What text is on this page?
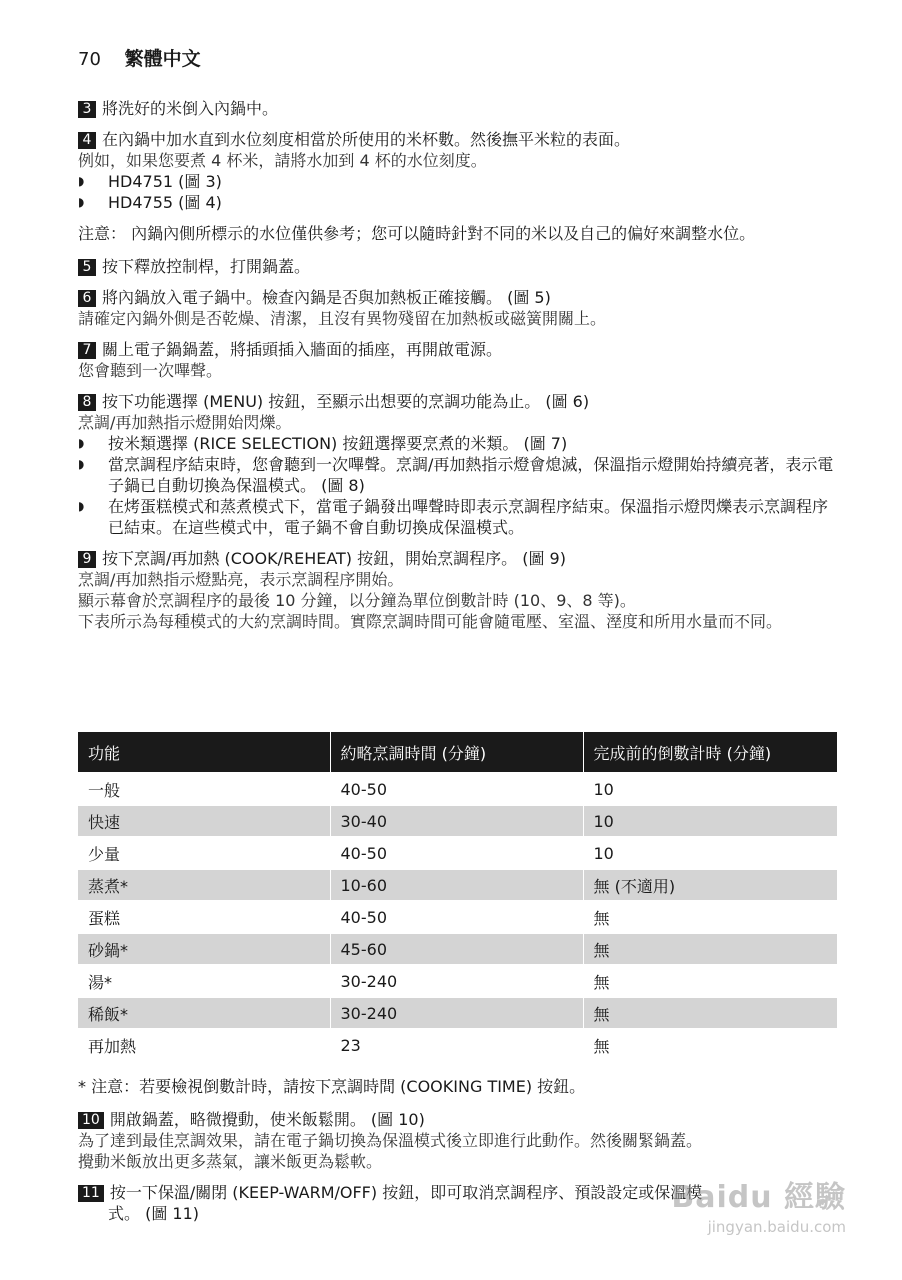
70 繁體中文
3 將洗好的米倒入內鍋中。
4 在內鍋中加水直到水位刻度相當於所使用的米杯數。然後撫平米粒的表面。
例如，如果您要煮 4 杯米，請將水加到 4 杯的水位刻度。
◗ HD4751 (圖 3)
◗ HD4755 (圖 4)
注意： 內鍋內側所標示的水位僅供參考；您可以隨時針對不同的米以及自己的偏好來調整水位。
5 按下釋放控制桿，打開鍋蓋。
6 將內鍋放入電子鍋中。檢查內鍋是否與加熱板正確接觸。 (圖 5)
請確定內鍋外側是否乾燥、清潔，且沒有異物殘留在加熱板或磁簧開關上。
7 關上電子鍋鍋蓋，將插頭插入牆面的插座，再開啟電源。
您會聽到一次嗶聲。
8 按下功能選擇 (MENU) 按鈕，至顯示出想要的烹調功能為止。 (圖 6)
烹調/再加熱指示燈開始閃爍。
◗ 按米類選擇 (RICE SELECTION) 按鈕選擇要烹煮的米類。 (圖 7)
◗ 當烹調程序結束時，您會聽到一次嗶聲。烹調/再加熱指示燈會熄滅，保溫指示燈開始持續亮著，表示電子鍋已自動切換為保溫模式。 (圖 8)
◗ 在烤蛋糕模式和蒸煮模式下，當電子鍋發出嗶聲時即表示烹調程序結束。保溫指示燈閃爍表示烹調程序已結束。在這些模式中，電子鍋不會自動切換成保溫模式。
9 按下烹調/再加熱 (COOK/REHEAT) 按鈕，開始烹調程序。 (圖 9)
烹調/再加熱指示燈點亮，表示烹調程序開始。
顯示幕會於烹調程序的最後 10 分鐘，以分鐘為單位倒數計時 (10、9、8 等)。
下表所示為每種模式的大約烹調時間。實際烹調時間可能會隨電壓、室溫、溼度和所用水量而不同。
功能	約略烹調時間 (分鐘)	完成前的倒數計時 (分鐘)
一般	40-50	10
快速	30-40	10
少量	40-50	10
蒸煮*	10-60	無 (不適用)
蛋糕	40-50	無
砂鍋*	45-60	無
湯*	30-240	無
稀飯*	30-240	無
再加熱	23	無
* 注意：若要檢視倒數計時，請按下烹調時間 (COOKING TIME) 按鈕。
10 開啟鍋蓋，略微攪動，使米飯鬆開。 (圖 10)
為了達到最佳烹調效果，請在電子鍋切換為保溫模式後立即進行此動作。然後關緊鍋蓋。
攪動米飯放出更多蒸氣，讓米飯更為鬆軟。
11 按一下保溫/關閉 (KEEP-WARM/OFF) 按鈕，即可取消烹調程序、預設設定或保溫模
式。 (圖 11)	Baidu 經驗
jingyan.baidu.com
